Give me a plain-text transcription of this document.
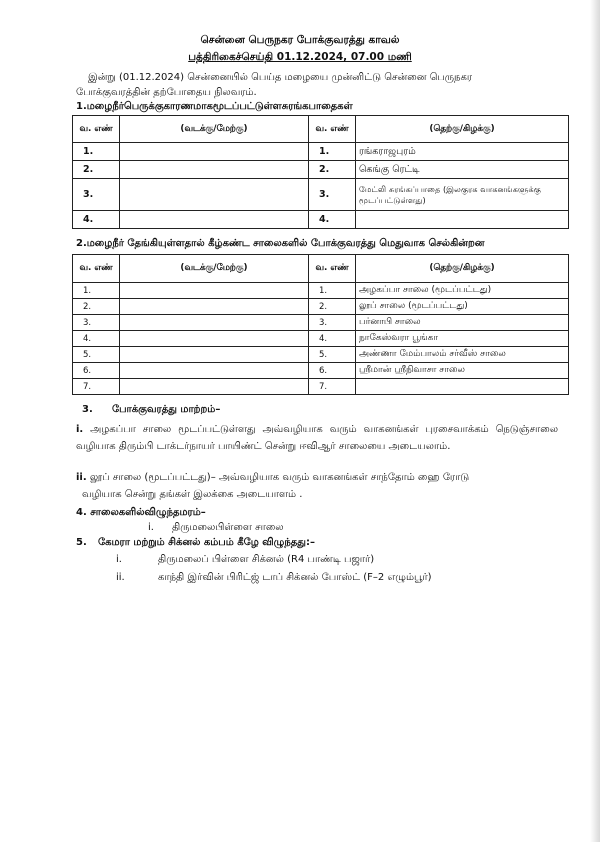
சென்னை பெருநகர போக்குவரத்து காவல்
பத்திரிகைச்செய்தி 01.12.2024, 07.00 மணி
இன்று (01.12.2024) சென்னையில் பெய்த மழையை முன்னிட்டு சென்னை பெருநகர
போக்குவரத்தின் தற்போதைய நிலவரம்.
1.மழைநீர்பெருக்குகாரணமாகமூடப்பட்டுள்ளசுரங்கபாதைகள்
வ. எண்	(வடக்கு/மேற்கு)	வ. எண்	(தெற்கு/கிழக்கு)
1.		1.	ரங்கராஜபுரம்
2.		2.	கெங்கு ரெட்டி
3.		3.	மேட்லி சுரங்கப்பாதை (இலகுரக வாகனங்களுக்கு மூடப்பட்டுள்ளது)
4.		4.	
2.மழைநீர் தேங்கியுள்ளதால் கீழ்கண்ட சாலைகளில் போக்குவரத்து மெதுவாக செல்கின்றன
வ. எண்	(வடக்கு/மேற்கு)	வ. எண்	(தெற்கு/கிழக்கு)
1.		1.	அழகப்பா சாலை (மூடப்பட்டது)
2.		2.	லூப் சாலை (மூடப்பட்டது)
3.		3.	பர்னாபி சாலை
4.		4.	நாகேஸ்வரா பூங்கா
5.		5.	அண்ணா மேம்பாலம் சர்வீஸ் சாலை
6.		6.	ஸ்ரீமான் ஸ்ரீநிவாசா சாலை
7.		7.	
3. போக்குவரத்து மாற்றம்–
i. அழகப்பா சாலை மூடப்பட்டுள்ளது அவ்வழியாக வரும் வாகனங்கள் புரசைவாக்கம் நெடுஞ்சாலை வழியாக திரும்பி டாக்டர்நாயர் பாயிண்ட் சென்று ஈவிஆர் சாலையை அடையலாம்.
ii. லூப் சாலை (மூடப்பட்டது)– அவ்வழியாக வரும் வாகனங்கள் சாந்தோம் ஹை ரோடு
வழியாக சென்று தங்கள் இலக்கை அடையாளம் .
4. சாலைகளில்விழுந்தமரம்–
i. திருமலைபிள்ளை சாலை
5. கேமரா மற்றும் சிக்னல் கம்பம் கீழே விழுந்தது:–
i.	திருமலைப் பிள்ளை சிக்னல் (R4 பாண்டி பஜார்)
ii.	காந்தி இர்வின் பிரிட்ஜ் டாப் சிக்னல் போஸ்ட் (F–2 எழும்பூர்)
